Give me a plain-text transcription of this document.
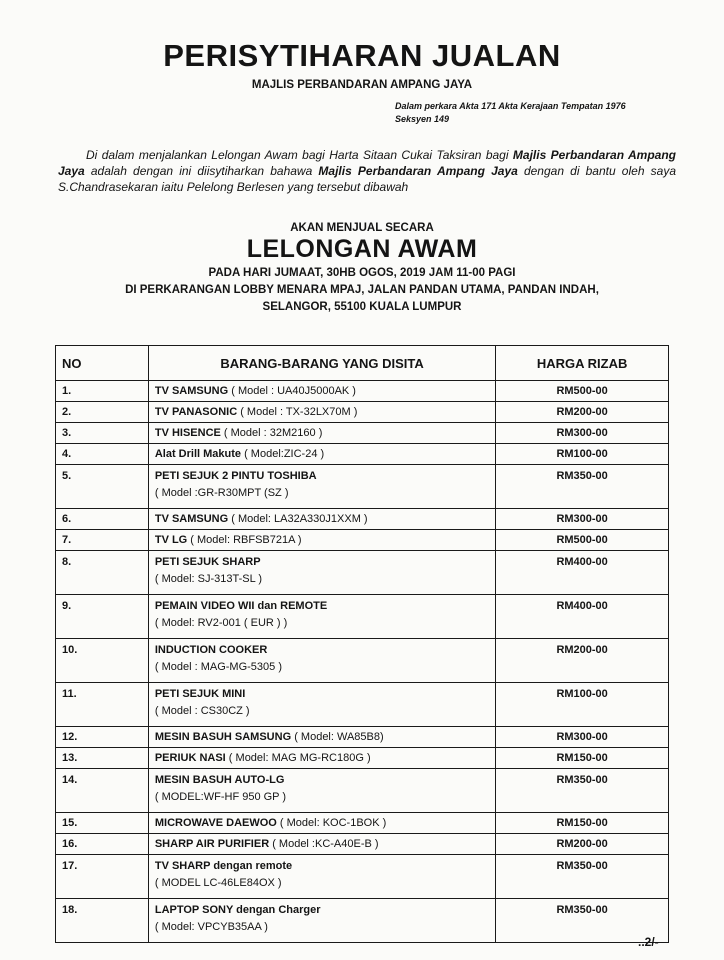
PERISYTIHARAN JUALAN
MAJLIS PERBANDARAN AMPANG JAYA
Dalam perkara Akta 171 Akta Kerajaan Tempatan 1976
Seksyen 149
Di dalam menjalankan Lelongan Awam bagi Harta Sitaan Cukai Taksiran bagi Majlis Perbandaran Ampang Jaya adalah dengan ini diisytiharkan bahawa Majlis Perbandaran Ampang Jaya dengan di bantu oleh saya S.Chandrasekaran iaitu Pelelong Berlesen yang tersebut dibawah
AKAN MENJUAL SECARA
LELONGAN AWAM
PADA HARI JUMAAT, 30HB OGOS, 2019 JAM 11-00 PAGI
DI PERKARANGAN LOBBY MENARA MPAJ, JALAN PANDAN UTAMA, PANDAN INDAH,
SELANGOR, 55100 KUALA LUMPUR
NO	BARANG-BARANG YANG DISITA	HARGA RIZAB
1.	TV SAMSUNG ( Model : UA40J5000AK )	RM500-00
2.	TV PANASONIC ( Model : TX-32LX70M )	RM200-00
3.	TV HISENCE ( Model : 32M2160 )	RM300-00
4.	Alat Drill Makute ( Model:ZIC-24 )	RM100-00
5.	PETI SEJUK 2 PINTU TOSHIBA
( Model :GR-R30MPT (SZ )	RM350-00
6.	TV SAMSUNG ( Model: LA32A330J1XXM )	RM300-00
7.	TV LG ( Model: RBFSB721A )	RM500-00
8.	PETI SEJUK SHARP
( Model: SJ-313T-SL )	RM400-00
9.	PEMAIN VIDEO WII dan REMOTE
( Model: RV2-001 ( EUR ) )	RM400-00
10.	INDUCTION COOKER
( Model : MAG-MG-5305 )	RM200-00
11.	PETI SEJUK MINI
( Model : CS30CZ )	RM100-00
12.	MESIN BASUH SAMSUNG ( Model: WA85B8)	RM300-00
13.	PERIUK NASI ( Model: MAG MG-RC180G )	RM150-00
14.	MESIN BASUH AUTO-LG
( MODEL:WF-HF 950 GP )	RM350-00
15.	MICROWAVE DAEWOO ( Model: KOC-1BOK )	RM150-00
16.	SHARP AIR PURIFIER ( Model :KC-A40E-B )	RM200-00
17.	TV SHARP dengan remote
( MODEL LC-46LE84OX )	RM350-00
18.	LAPTOP SONY dengan Charger
( Model: VPCYB35AA )	RM350-00
..2/-
